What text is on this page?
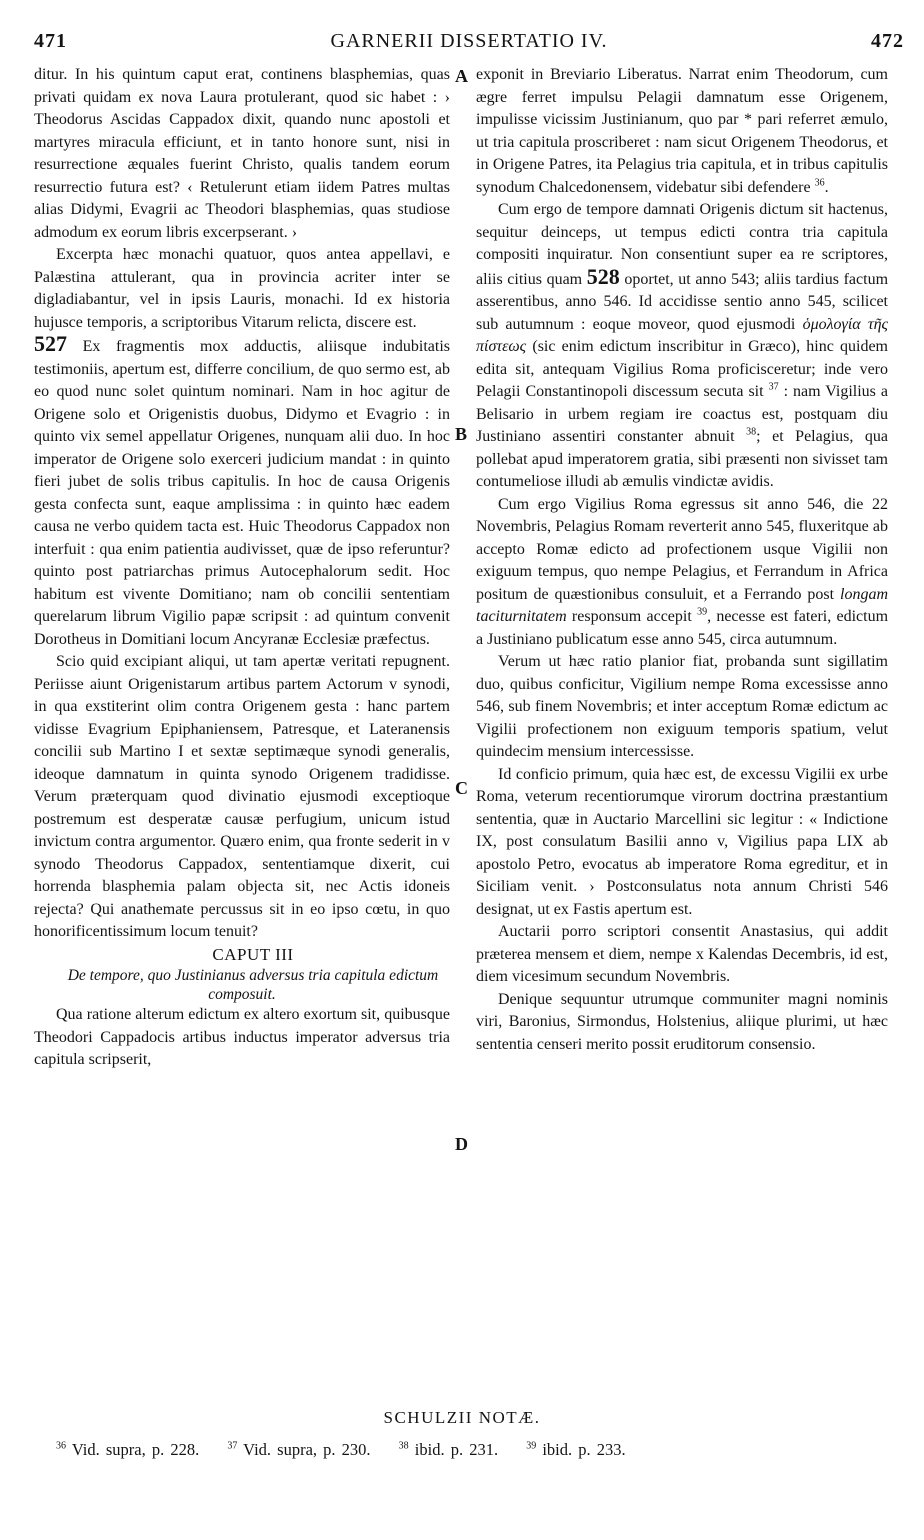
471	GARNERII DISSERTATIO IV.	472
A
B
C
D

ditur. In his quintum caput erat, continens blasphemias, quas privati quidam ex nova Laura protulerant, quod sic habet : › Theodorus Ascidas Cappadox dixit, quando nunc apostoli et martyres miracula efficiunt, et in tanto honore sunt, nisi in resurrectione æquales fuerint Christo, qualis tandem eorum resurrectio futura est? ‹ Retulerunt etiam iidem Patres multas alias Didymi, Evagrii ac Theodori blasphemias, quas studiose admodum ex eorum libris excerpserant. ›

Excerpta hæc monachi quatuor, quos antea appellavi, e Palæstina attulerant, qua in provincia acriter inter se digladiabantur, vel in ipsis Lauris, monachi. Id ex historia hujusce temporis, a scriptoribus Vitarum relicta, discere est.

527 Ex fragmentis mox adductis, aliisque indubitatis testimoniis, apertum est, differre concilium, de quo sermo est, ab eo quod nunc solet quintum nominari. Nam in hoc agitur de Origene solo et Origenistis duobus, Didymo et Evagrio : in quinto vix semel appellatur Origenes, nunquam alii duo. In hoc imperator de Origene solo exerceri judicium mandat : in quinto fieri jubet de solis tribus capitulis. In hoc de causa Origenis gesta confecta sunt, eaque amplissima : in quinto hæc eadem causa ne verbo quidem tacta est. Huic Theodorus Cappadox non interfuit : qua enim patientia audivisset, quæ de ipso referuntur? quinto post patriarchas primus Autocephalorum sedit. Hoc habitum est vivente Domitiano; nam ob concilii sententiam querelarum librum Vigilio papæ scripsit : ad quintum convenit Dorotheus in Domitiani locum Ancyranæ Ecclesiæ præfectus.

Scio quid excipiant aliqui, ut tam apertæ veritati repugnent. Periisse aiunt Origenistarum artibus partem Actorum v synodi, in qua exstiterint olim contra Origenem gesta : hanc partem vidisse Evagrium Epiphaniensem, Patresque, et Lateranensis concilii sub Martino I et sextæ septimæque synodi generalis, ideoque damnatum in quinta synodo Origenem tradidisse. Verum præterquam quod divinatio ejusmodi exceptioque postremum est desperatæ causæ perfugium, unicum istud invictum contra argumentor. Quæro enim, qua fronte sederit in v synodo Theodorus Cappadox, sententiamque dixerit, cui horrenda blasphemia palam objecta sit, nec Actis idoneis rejecta? Qui anathemate percussus sit in eo ipso cœtu, in quo honorificentissimum locum tenuit?

CAPUT III

De tempore, quo Justinianus adversus tria capitula edictum composuit.

Qua ratione alterum edictum ex altero exortum sit, quibusque Theodori Cappadocis artibus inductus imperator adversus tria capitula scripserit,

exponit in Breviario Liberatus. Narrat enim Theodorum, cum ægre ferret impulsu Pelagii damnatum esse Origenem, impulisse vicissim Justinianum, quo par * pari referret æmulo, ut tria capitula proscriberet : nam sicut Origenem Theodorus, et in Origene Patres, ita Pelagius tria capitula, et in tribus capitulis synodum Chalcedonensem, videbatur sibi defendere $^{36}$.

Cum ergo de tempore damnati Origenis dictum sit hactenus, sequitur deinceps, ut tempus edicti contra tria capitula compositi inquiratur. Non consentiunt super ea re scriptores, aliis citius quam 528 oportet, ut anno 543; aliis tardius factum asserentibus, anno 546. Id accidisse sentio anno 545, scilicet sub autumnum : eoque moveor, quod ejusmodi ὁμολογία τῆς πίστεως (sic enim edictum inscribitur in Græco), hinc quidem edita sit, antequam Vigilius Roma proficisceretur; inde vero Pelagii Constantinopoli discessum secuta sit $^{37}$ : nam Vigilius a Belisario in urbem regiam ire coactus est, postquam diu Justiniano assentiri constanter abnuit $^{38}$; et Pelagius, qua pollebat apud imperatorem gratia, sibi præsenti non sivisset tam contumeliose illudi ab æmulis vindictæ avidis.

Cum ergo Vigilius Roma egressus sit anno 546, die 22 Novembris, Pelagius Romam reverterit anno 545, fluxeritque ab accepto Romæ edicto ad profectionem usque Vigilii non exiguum tempus, quo nempe Pelagius, et Ferrandum in Africa positum de quæstionibus consuluit, et a Ferrando post longam taciturnitatem responsum accepit $^{39}$, necesse est fateri, edictum a Justiniano publicatum esse anno 545, circa autumnum.

Verum ut hæc ratio planior fiat, probanda sunt sigillatim duo, quibus conficitur, Vigilium nempe Roma excessisse anno 546, sub finem Novembris; et inter acceptum Romæ edictum ac Vigilii profectionem non exiguum temporis spatium, velut quindecim mensium intercessisse.

Id conficio primum, quia hæc est, de excessu Vigilii ex urbe Roma, veterum recentiorumque virorum doctrina præstantium sententia, quæ in Auctario Marcellini sic legitur : « Indictione IX, post consulatum Basilii anno v, Vigilius papa LIX ab apostolo Petro, evocatus ab imperatore Roma egreditur, et in Siciliam venit. › Postconsulatus nota annum Christi 546 designat, ut ex Fastis apertum est.

Auctarii porro scriptori consentit Anastasius, qui addit præterea mensem et diem, nempe x Kalendas Decembris, id est, diem vicesimum secundum Novembris.

Denique sequuntur utrumque communiter magni nominis viri, Baronius, Sirmondus, Holstenius, aliique plurimi, ut hæc sententia censeri merito possit eruditorum consensio.

SCHULZII NOTÆ.
$^{36}$ Vid. supra, p. 228.	$^{37}$ Vid. supra, p. 230.	$^{38}$ ibid. p. 231.	$^{39}$ ibid. p. 233.
